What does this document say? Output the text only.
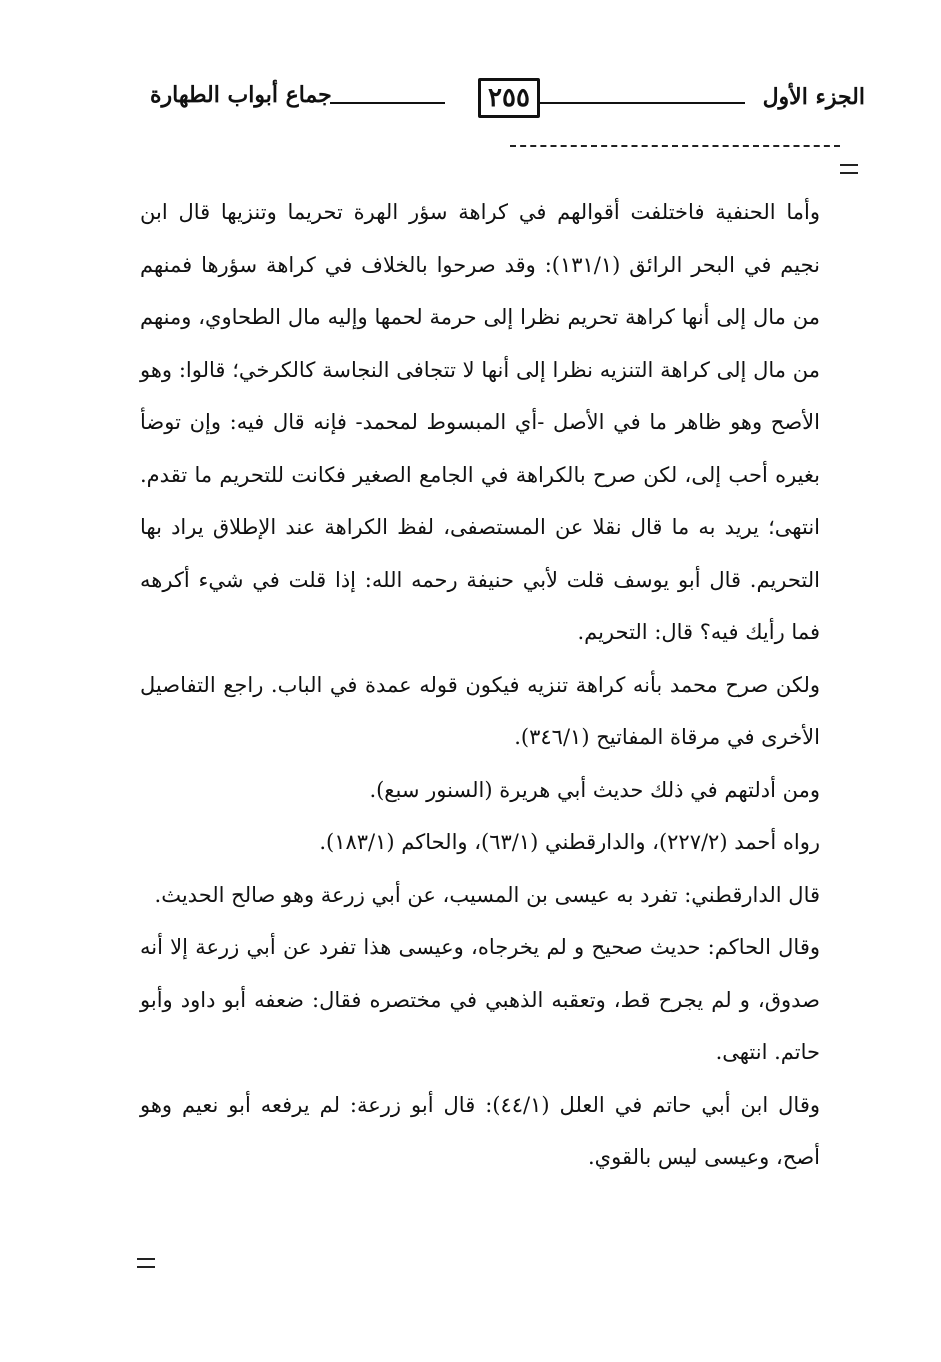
الجزء الأول
٢٥٥
جماع أبواب الطهارة

وأما الحنفية فاختلفت أقوالهم في كراهة سؤر الهرة تحريما وتنزيها قال ابن نجيم في البحر الرائق (١٣١/١): وقد صرحوا بالخلاف في كراهة سؤرها فمنهم من مال إلى أنها كراهة تحريم نظرا إلى حرمة لحمها وإليه مال الطحاوي، ومنهم من مال إلى كراهة التنزيه نظرا إلى أنها لا تتجافى النجاسة كالكرخي؛ قالوا: وهو الأصح وهو ظاهر ما في الأصل -أي المبسوط لمحمد- فإنه قال فيه: وإن توضأ بغيره أحب إلى، لكن صرح بالكراهة في الجامع الصغير فكانت للتحريم ما تقدم. انتهى؛ يريد به ما قال نقلا عن المستصفى، لفظ الكراهة عند الإطلاق يراد بها التحريم. قال أبو يوسف قلت لأبي حنيفة رحمه الله: إذا قلت في شيء أكرهه فما رأيك فيه؟ قال: التحريم.

ولكن صرح محمد بأنه كراهة تنزيه فيكون قوله عمدة في الباب. راجع التفاصيل الأخرى في مرقاة المفاتيح (٣٤٦/١).

ومن أدلتهم في ذلك حديث أبي هريرة (السنور سبع).

رواه أحمد (٢٢٧/٢)، والدارقطني (٦٣/١)، والحاكم (١٨٣/١).

قال الدارقطني: تفرد به عيسى بن المسيب، عن أبي زرعة وهو صالح الحديث.

وقال الحاكم: حديث صحيح و لم يخرجاه، وعيسى هذا تفرد عن أبي زرعة إلا أنه صدوق، و لم يجرح قط، وتعقبه الذهبي في مختصره فقال: ضعفه أبو داود وأبو حاتم. انتهى.

وقال ابن أبي حاتم في العلل (٤٤/١): قال أبو زرعة: لم يرفعه أبو نعيم وهو أصح، وعيسى ليس بالقوي.
